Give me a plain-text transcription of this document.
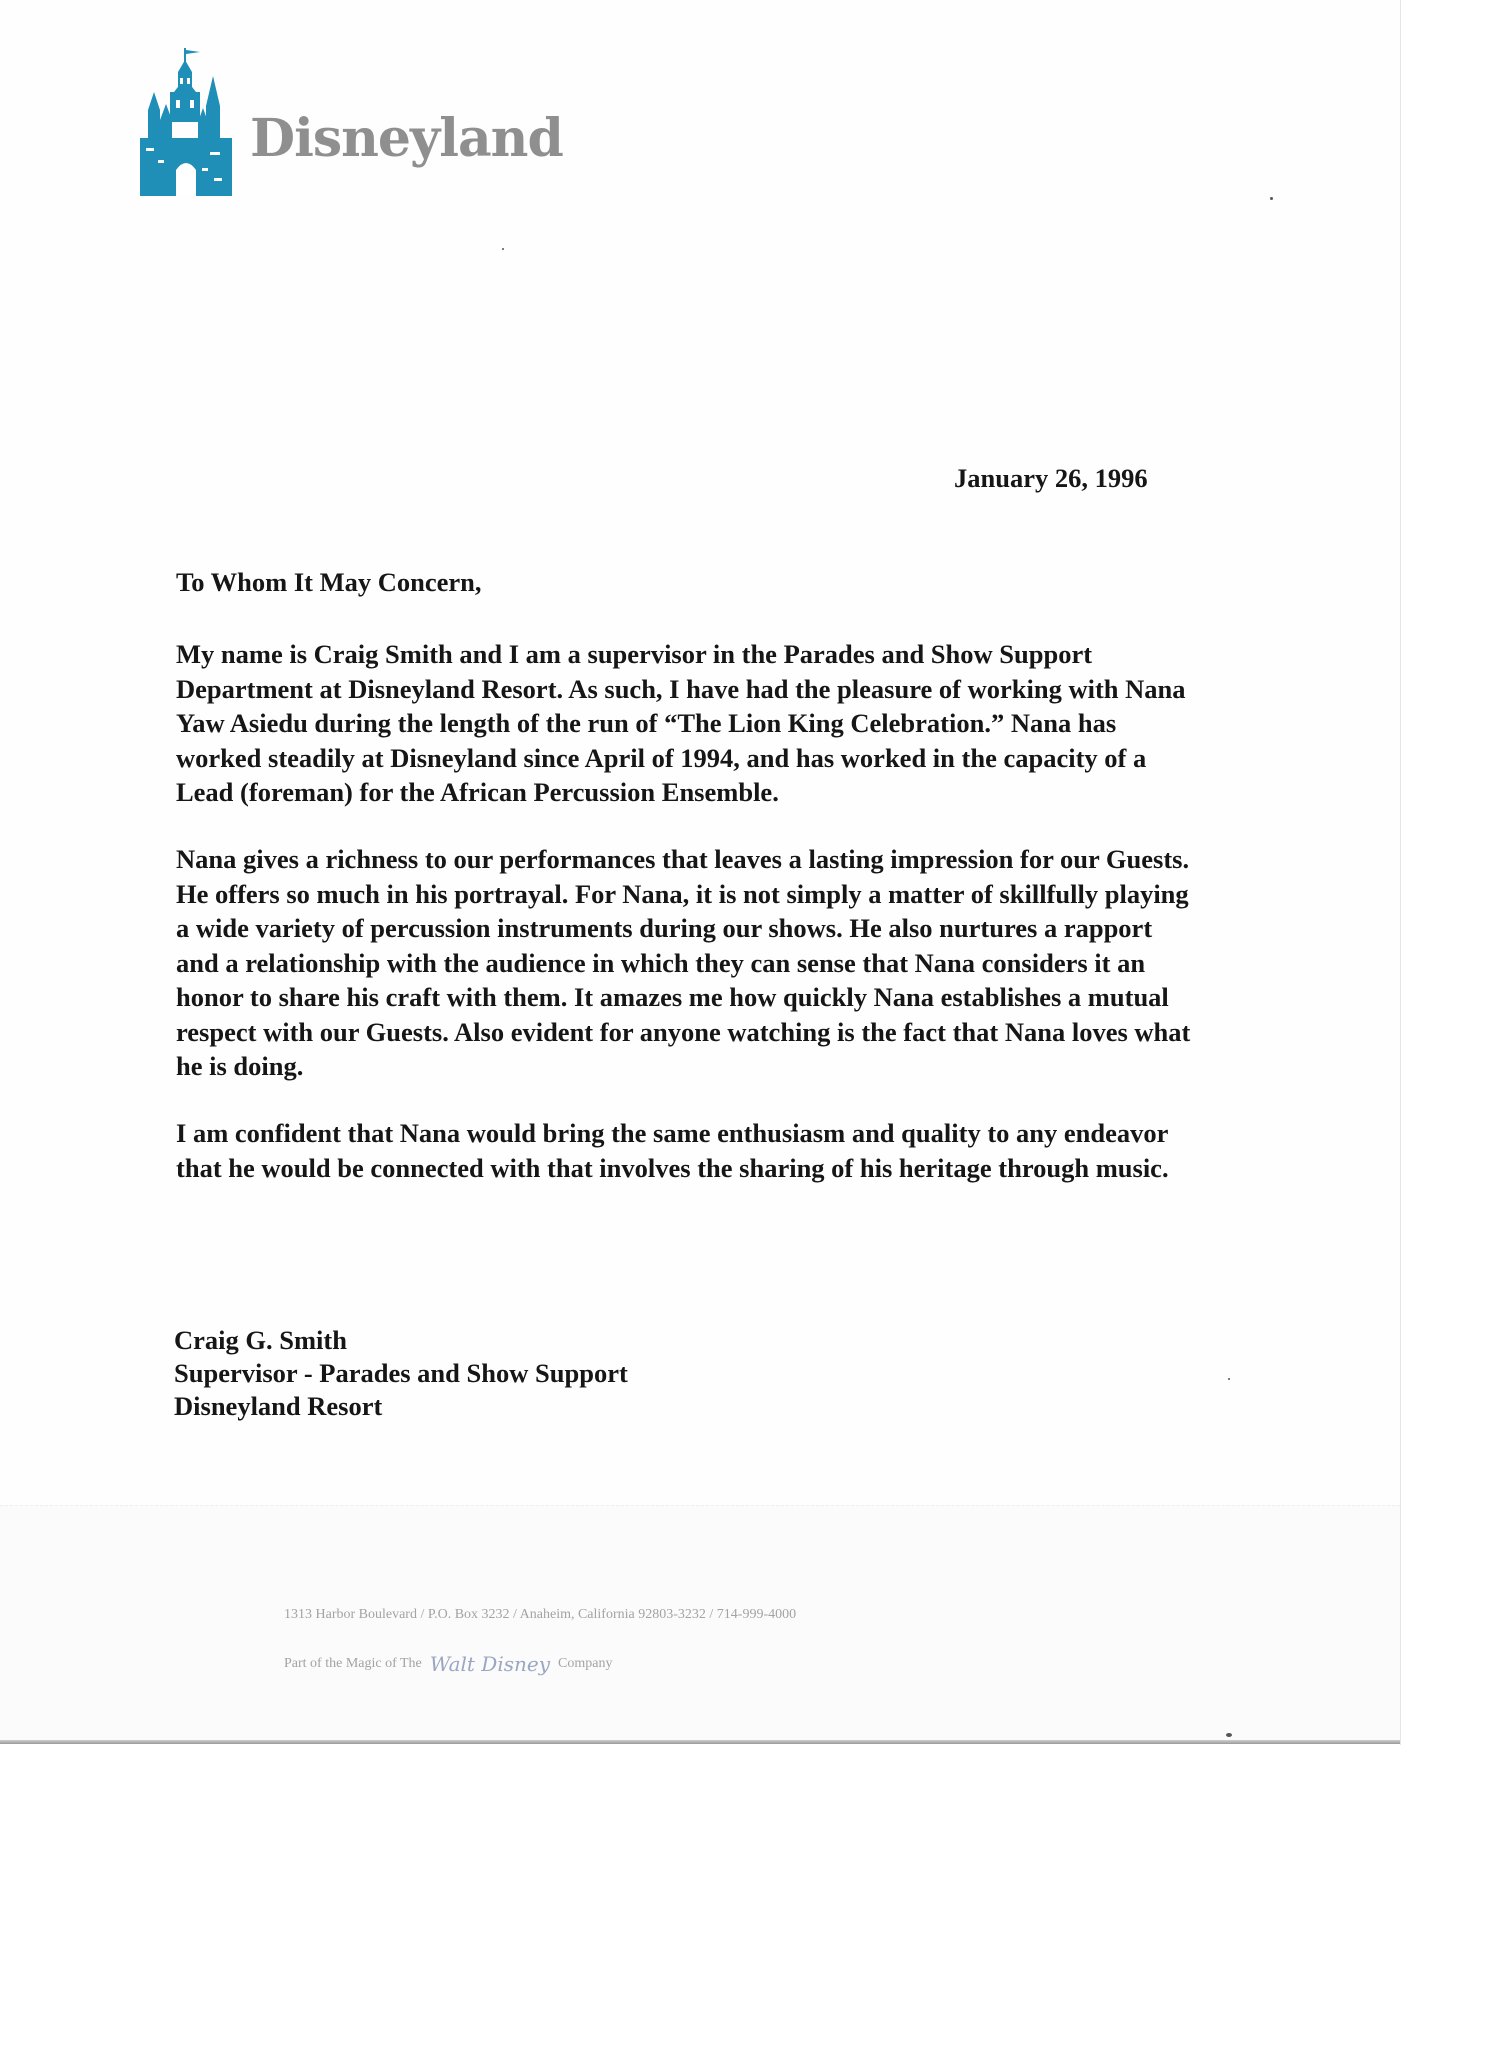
Disneyland
January 26, 1996
To Whom It May Concern,
My name is Craig Smith and I am a supervisor in the Parades and Show Support
Department at Disneyland Resort. As such, I have had the pleasure of working with Nana
Yaw Asiedu during the length of the run of “The Lion King Celebration.” Nana has
worked steadily at Disneyland since April of 1994, and has worked in the capacity of a
Lead (foreman) for the African Percussion Ensemble.
Nana gives a richness to our performances that leaves a lasting impression for our Guests.
He offers so much in his portrayal. For Nana, it is not simply a matter of skillfully playing
a wide variety of percussion instruments during our shows. He also nurtures a rapport
and a relationship with the audience in which they can sense that Nana considers it an
honor to share his craft with them. It amazes me how quickly Nana establishes a mutual
respect with our Guests. Also evident for anyone watching is the fact that Nana loves what
he is doing.
I am confident that Nana would bring the same enthusiasm and quality to any endeavor
that he would be connected with that involves the sharing of his heritage through music.
Craig G. Smith
Supervisor - Parades and Show Support
Disneyland Resort
1313 Harbor Boulevard / P.O. Box 3232 / Anaheim, California 92803-3232 / 714-999-4000
Part of the Magic of The Walt Disney Company
